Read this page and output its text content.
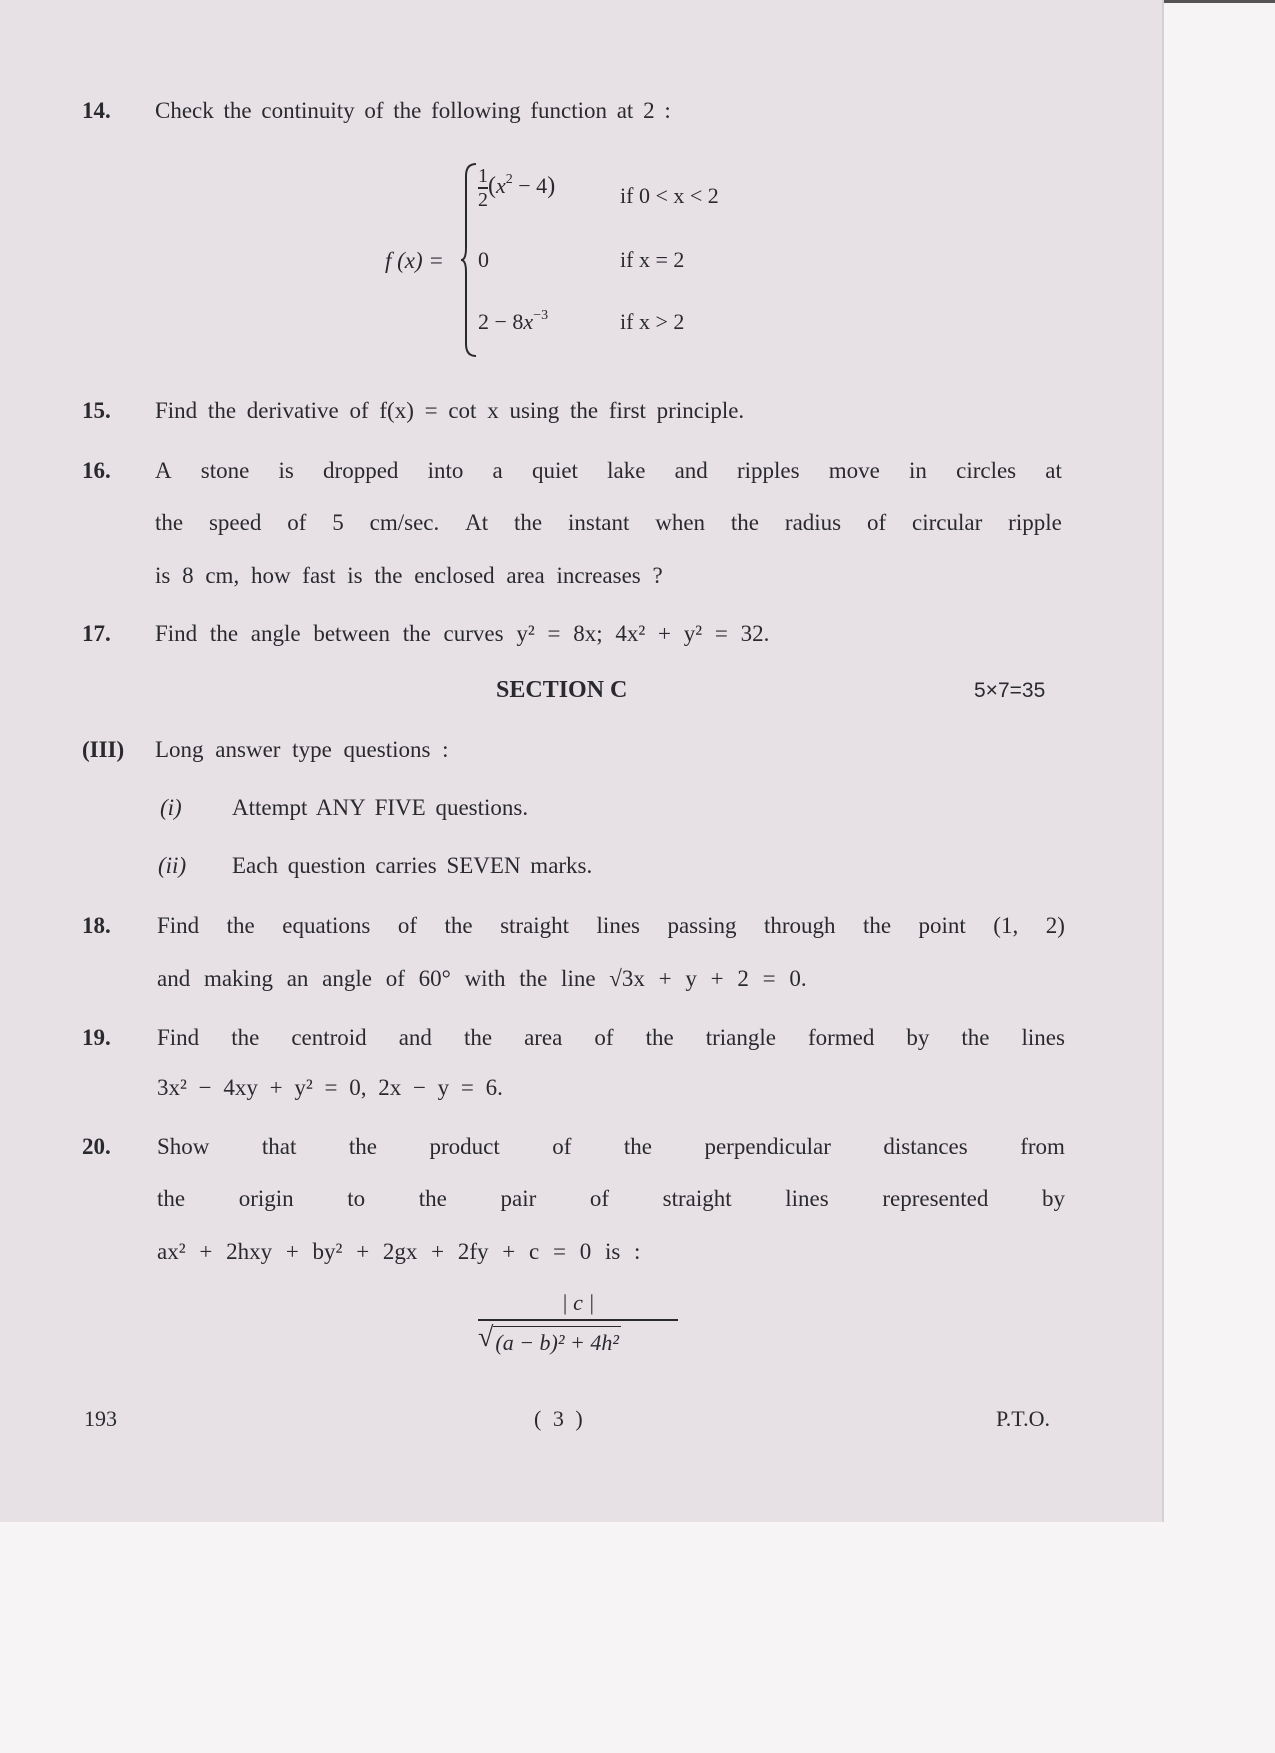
14. Check the continuity of the following function at 2 :
f (x) =
$\frac{1}{2} (x^2 - 4)$	if 0 < x < 2
0	if x = 2
$2 - 8x^{-3}$	if x > 2
15. Find the derivative of f(x) = cot x using the first principle.
16. A stone is dropped into a quiet lake and ripples move in circles at
the speed of 5 cm/sec. At the instant when the radius of circular ripple
is 8 cm, how fast is the enclosed area increases ?
17. Find the angle between the curves y² = 8x; 4x² + y² = 32.
SECTION C	5×7=35
(III) Long answer type questions :
(i) Attempt ANY FIVE questions.
(ii) Each question carries SEVEN marks.
18. Find the equations of the straight lines passing through the point (1, 2)
and making an angle of 60° with the line √3x + y + 2 = 0.
19. Find the centroid and the area of the triangle formed by the lines
3x² − 4xy + y² = 0, 2x − y = 6.
20. Show that the product of the perpendicular distances from
the origin to the pair of straight lines represented by
ax² + 2hxy + by² + 2gx + 2fy + c = 0 is :
| c |
√ (a − b)² + 4h²
193	( 3 )	P.T.O.
